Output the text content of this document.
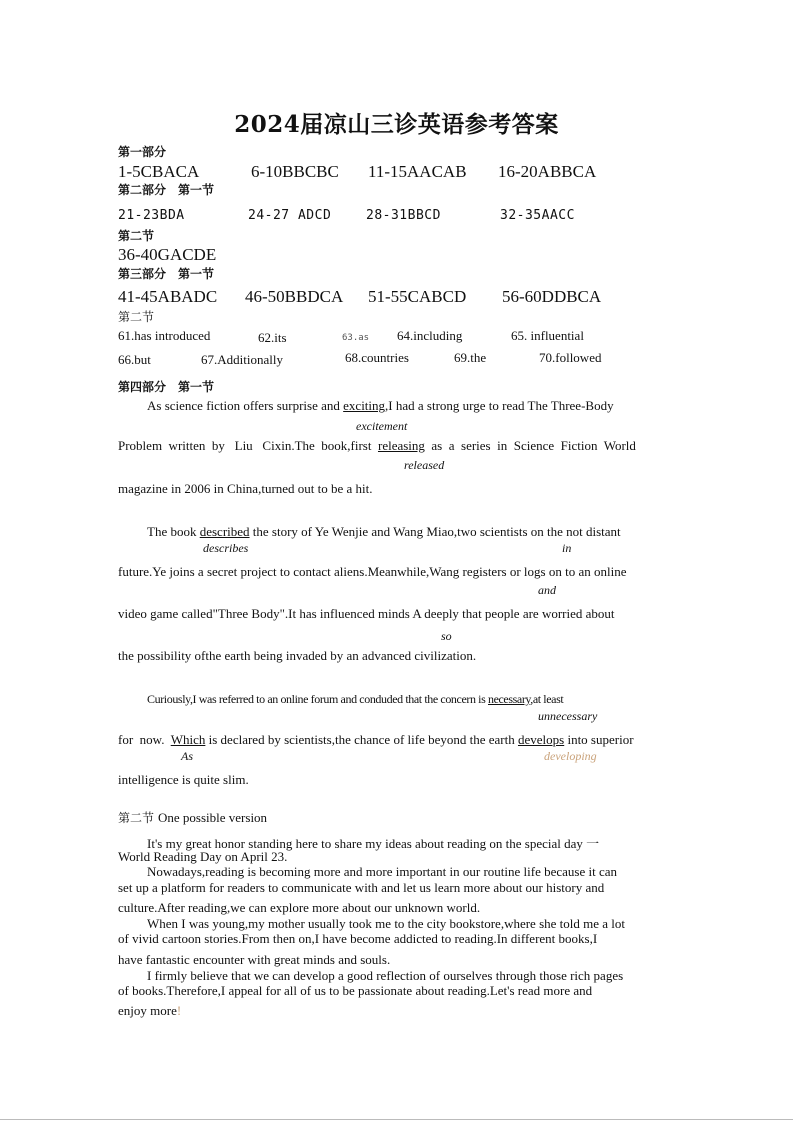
2024届凉山三诊英语参考答案
第一部分
1-5CBACA	6-10BBCBC 11-15AACAB 16-20ABBCA
第二部分　第一节
21-23BDA	24-27 ADCD	28-31BBCD	32-35AACC
第二节
36-40GACDE
第三部分　第一节
41-45ABADC 46-50BBDCA 51-55CABCD 56-60DDBCA
第二节
61.has introduced	62.its	63.as 64.including	65. influential
66.but	67.Additionally	68.countries	69.the	70.followed
第四部分　第一节
As science fiction offers surprise and exciting,I had a strong urge to read The Three-Body
excitement
Problem  written  by   Liu   Cixin.The  book,first  releasing  as  a  series  in  Science  Fiction  World
released
magazine in 2006 in China,turned out to be a hit.
The book described the story of Ye Wenjie and Wang Miao,two scientists on the not distant
describes	in
future.Ye joins a secret project to contact aliens.Meanwhile,Wang registers or logs on to an online
and
video game called"Three Body".It has influenced minds A deeply that people are worried about
so
the possibility ofthe earth being invaded by an advanced civilization.
Curiously,I was referred to an online forum and conduded that the concern is necessary,at least
unnecessary
for  now.  Which is declared by scientists,the chance of life beyond the earth develops into superior
As	developing
intelligence is quite slim.
第二节 One possible version
It's my great honor standing here to share my ideas about reading on the special day 一
World Reading Day on April 23.
Nowadays,reading is becoming more and more important in our routine life because it can
set up a platform for readers to communicate with and let us learn more about our history and
culture.After reading,we can explore more about our unknown world.
When I was young,my mother usually took me to the city bookstore,where she told me a lot
of vivid cartoon stories.From then on,I have become addicted to reading.In different books,I
have fantastic encounter with great minds and souls.
I firmly believe that we can develop a good reflection of ourselves through those rich pages
of books.Therefore,I appeal for all of us to be passionate about reading.Let's read more and
enjoy more!
